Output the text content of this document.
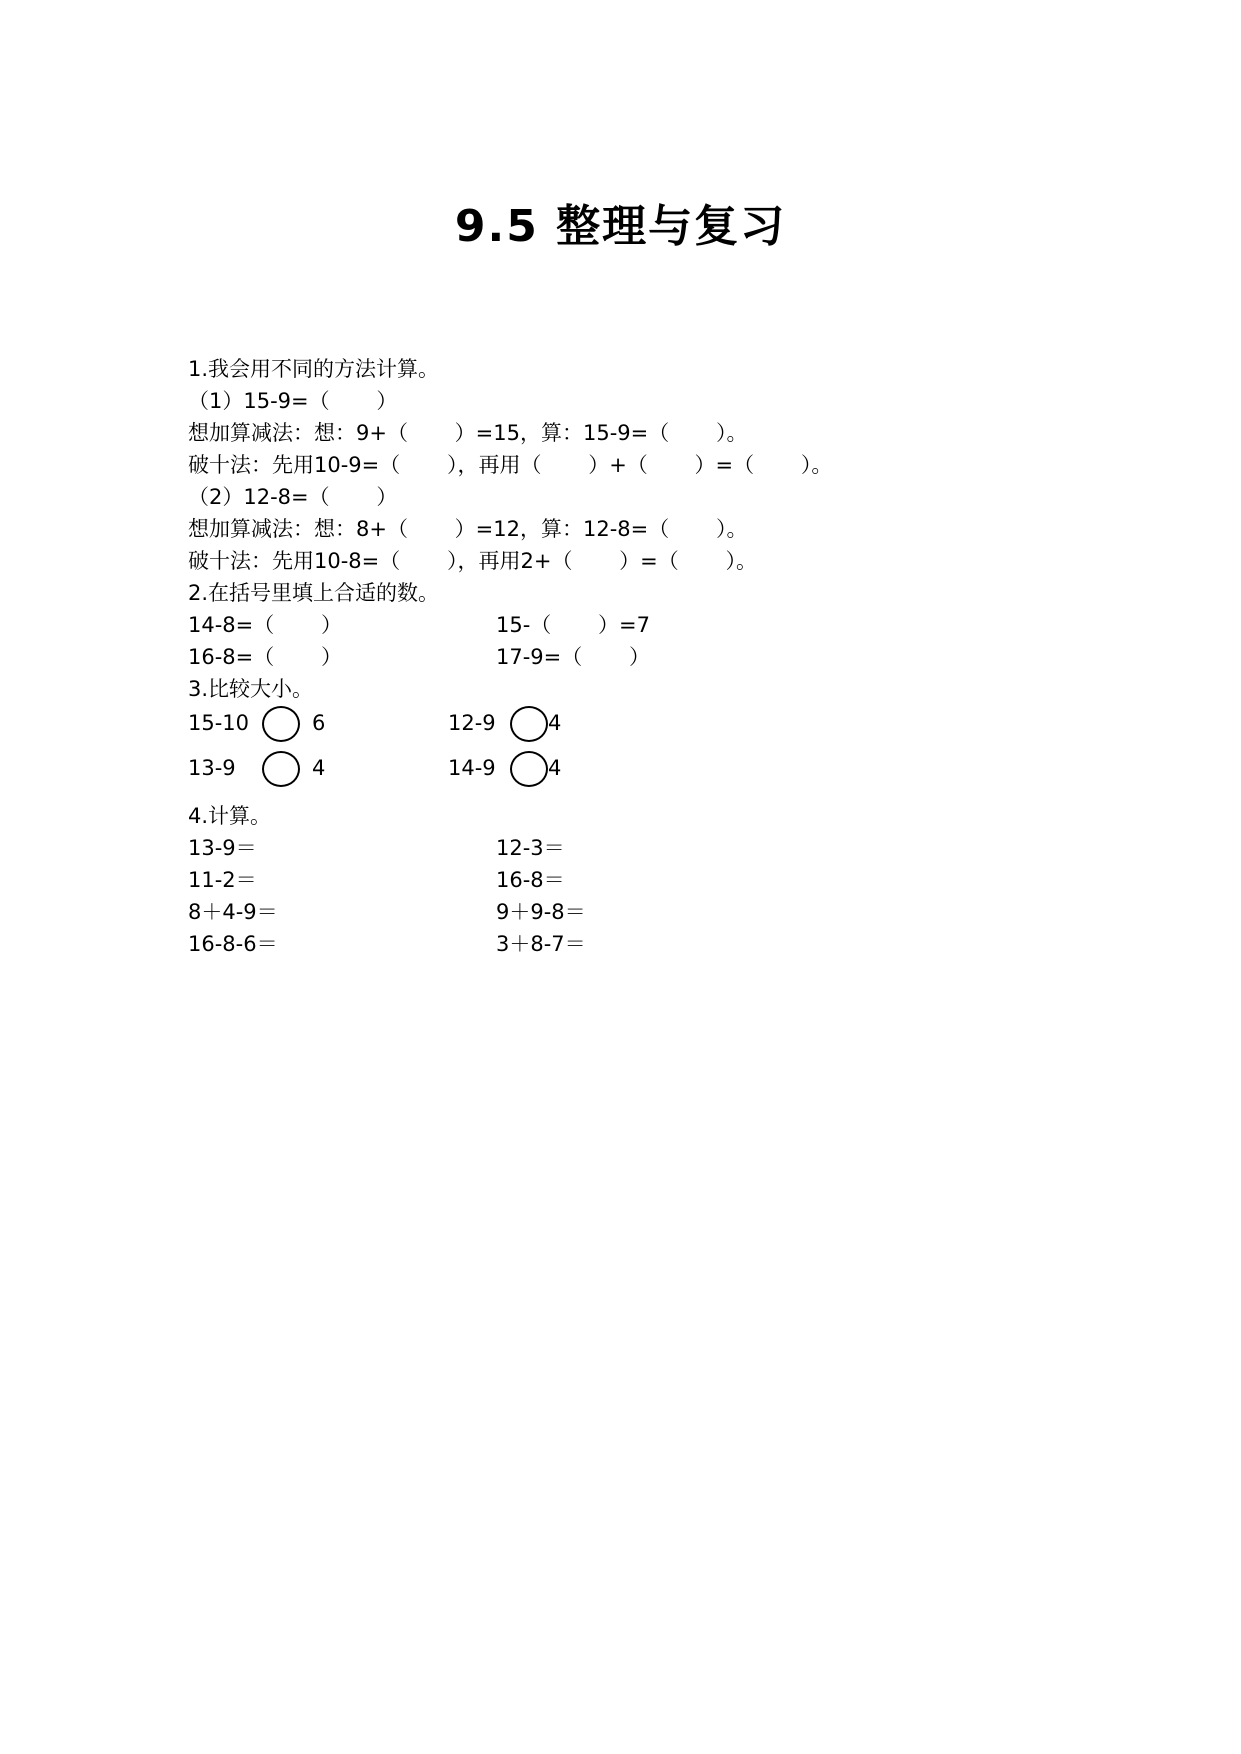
9.5 整理与复习
1.我会用不同的方法计算。
（1）15-9=（       ）
想加算减法：想：9+（       ）=15，算：15-9=（       ）。
破十法：先用10-9=（       ），再用（       ）+（       ）=（       ）。
（2）12-8=（       ）
想加算减法：想：8+（       ）=12，算：12-8=（       ）。
破十法：先用10-8=（       ），再用2+（       ）=（       ）。
2.在括号里填上合适的数。
14-8=（       ）	15-（       ）=7
16-8=（       ）	17-9=（       ）
3.比较大小。
15-10	6	12-9 4
13-9	4	14-9 4
4.计算。
13-9＝	12-3＝
11-2＝	16-8＝
8＋4-9＝	9＋9-8＝
16-8-6＝	3＋8-7＝
